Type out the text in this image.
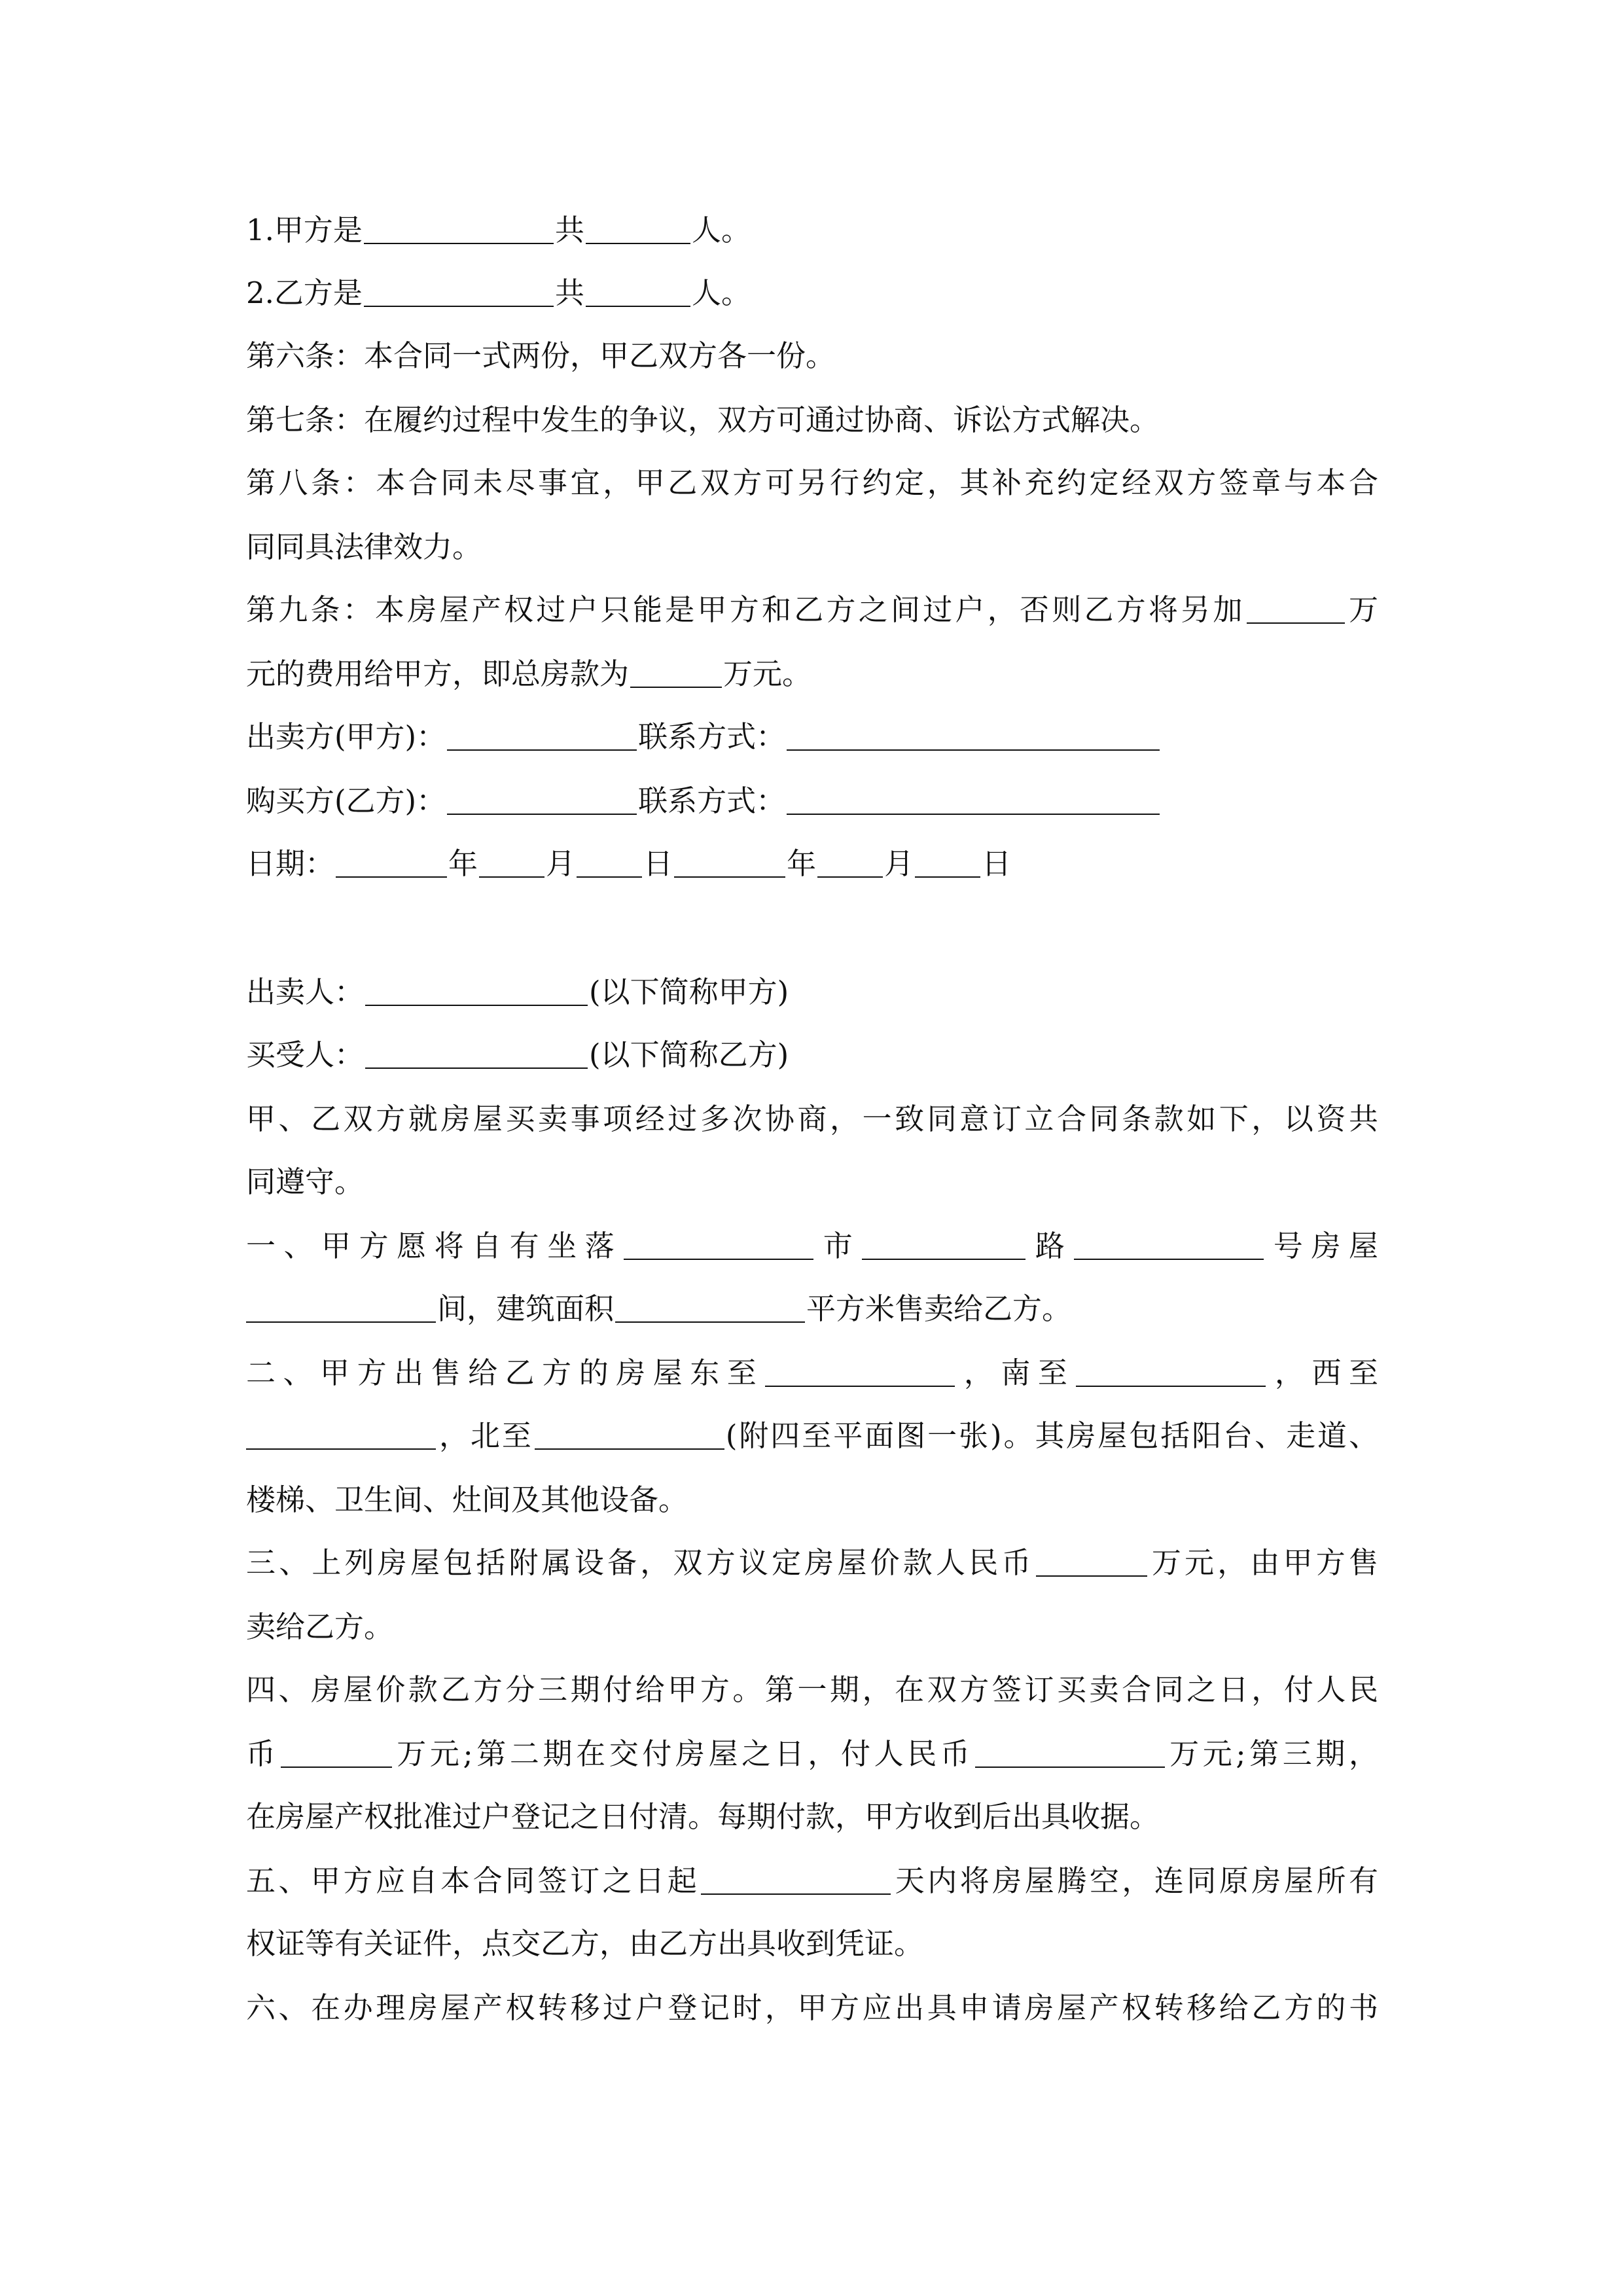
1.甲方是	共	人。
2.乙方是	共	人。
第六条：本合同一式两份，甲乙双方各一份。
第七条：在履约过程中发生的争议，双方可通过协商、诉讼方式解决。
第八条：本合同未尽事宜，甲乙双方可另行约定，其补充约定经双方签章与本合
同同具法律效力。
第九条：本房屋产权过户只能是甲方和乙方之间过户，否则乙方将另加	万
元的费用给甲方，即总房款为	万元。
出卖方(甲方)：	联系方式：
购买方(乙方)：	联系方式：
日期：	年 月 日	年 月 日
出卖人：	(以下简称甲方)
买受人：	(以下简称乙方)
甲、乙双方就房屋买卖事项经过多次协商，一致同意订立合同条款如下，以资共
同遵守。
一、甲方愿将自有坐落	市	路	号房屋
间，建筑面积	平方米售卖给乙方。
二、甲方出售给乙方的房屋东至	，南至	，西至
，北至	(附四至平面图一张)。其房屋包括阳台、走道、
楼梯、卫生间、灶间及其他设备。
三、上列房屋包括附属设备，双方议定房屋价款人民币	万元，由甲方售
卖给乙方。
四、房屋价款乙方分三期付给甲方。第一期，在双方签订买卖合同之日，付人民
币	万元;第二期在交付房屋之日，付人民币	万元;第三期，
在房屋产权批准过户登记之日付清。每期付款，甲方收到后出具收据。
五、甲方应自本合同签订之日起	天内将房屋腾空，连同原房屋所有
权证等有关证件，点交乙方，由乙方出具收到凭证。
六、在办理房屋产权转移过户登记时，甲方应出具申请房屋产权转移给乙方的书
